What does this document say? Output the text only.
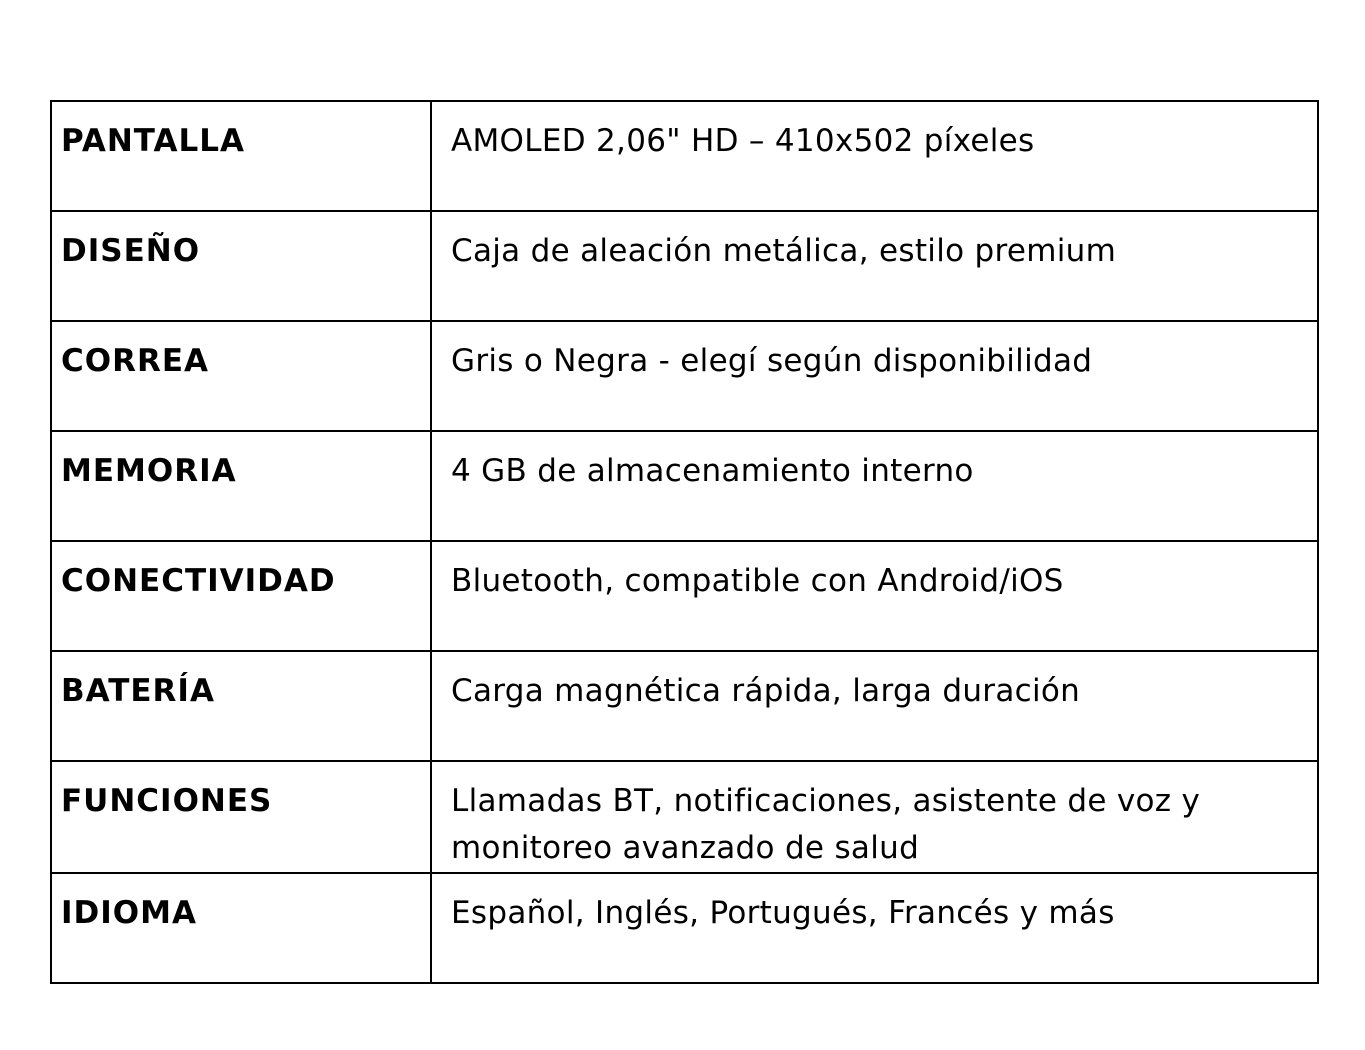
PANTALLA	AMOLED 2,06" HD – 410x502 píxeles
DISEÑO	Caja de aleación metálica, estilo premium
CORREA	Gris o Negra - elegí según disponibilidad
MEMORIA	4 GB de almacenamiento interno
CONECTIVIDAD	Bluetooth, compatible con Android/iOS
BATERÍA	Carga magnética rápida, larga duración
FUNCIONES	Llamadas BT, notificaciones, asistente de voz y monitoreo avanzado de salud
IDIOMA	Español, Inglés, Portugués, Francés y más
